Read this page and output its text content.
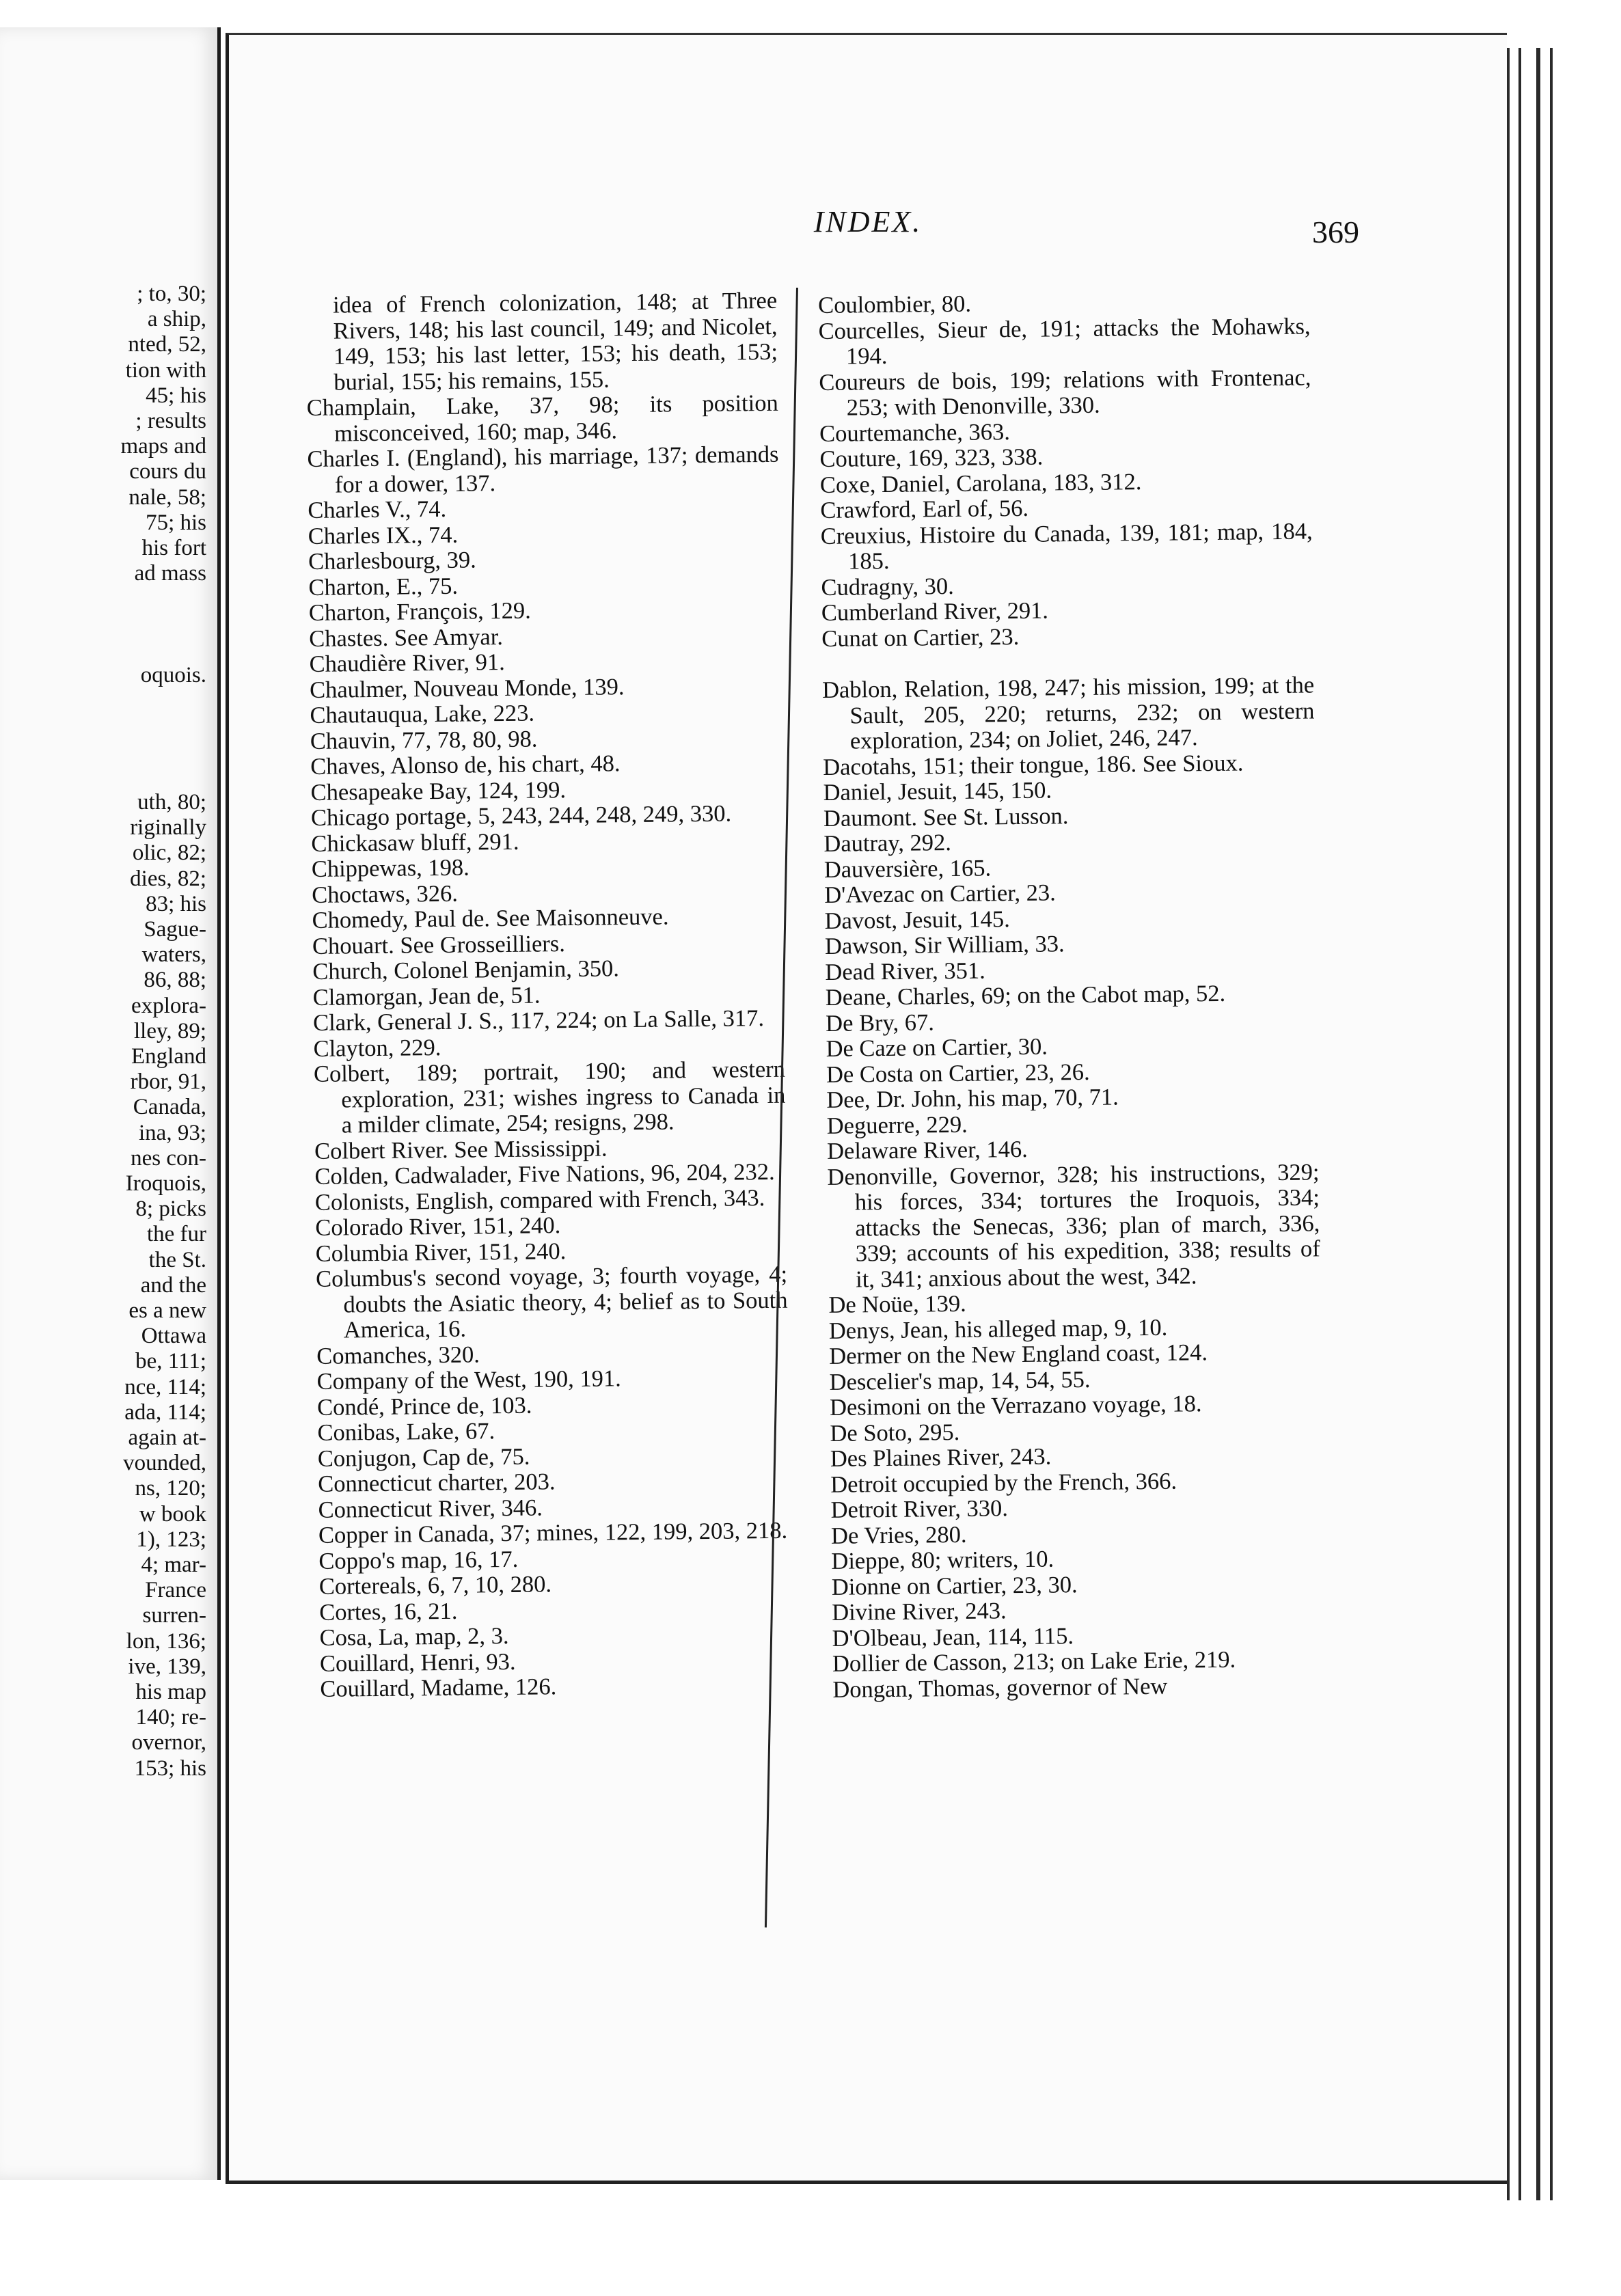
; to, 30;
a ship,
nted, 52,
tion with
45; his
; results
maps and
cours du
nale, 58;
75; his
his fort
ad mass
oquois.
uth, 80;
riginally
olic, 82;
dies, 82;
83; his
Sague-
waters,
86, 88;
explora-
lley, 89;
England
rbor, 91,
Canada,
ina, 93;
nes con-
Iroquois,
8; picks
the fur
the St.
and the
es a new
Ottawa
be, 111;
nce, 114;
ada, 114;
again at-
vounded,
ns, 120;
w book
1), 123;
4; mar-
France
surren-
lon, 136;
ive, 139,
his map
140; re-
overnor,
153; his
INDEX.	369
idea of French colonization, 148; at Three Rivers, 148; his last council, 149; and Nicolet, 149, 153; his last letter, 153; his death, 153; burial, 155; his remains, 155.
Champlain, Lake, 37, 98; its position misconceived, 160; map, 346.
Charles I. (England), his marriage, 137; demands for a dower, 137.
Charles V., 74.
Charles IX., 74.
Charlesbourg, 39.
Charton, E., 75.
Charton, François, 129.
Chastes. See Amyar.
Chaudière River, 91.
Chaulmer, Nouveau Monde, 139.
Chautauqua, Lake, 223.
Chauvin, 77, 78, 80, 98.
Chaves, Alonso de, his chart, 48.
Chesapeake Bay, 124, 199.
Chicago portage, 5, 243, 244, 248, 249, 330.
Chickasaw bluff, 291.
Chippewas, 198.
Choctaws, 326.
Chomedy, Paul de. See Maisonneuve.
Chouart. See Grosseilliers.
Church, Colonel Benjamin, 350.
Clamorgan, Jean de, 51.
Clark, General J. S., 117, 224; on La Salle, 317.
Clayton, 229.
Colbert, 189; portrait, 190; and western exploration, 231; wishes ingress to Canada in a milder climate, 254; resigns, 298.
Colbert River. See Mississippi.
Colden, Cadwalader, Five Nations, 96, 204, 232.
Colonists, English, compared with French, 343.
Colorado River, 151, 240.
Columbia River, 151, 240.
Columbus's second voyage, 3; fourth voyage, 4; doubts the Asiatic theory, 4; belief as to South America, 16.
Comanches, 320.
Company of the West, 190, 191.
Condé, Prince de, 103.
Conibas, Lake, 67.
Conjugon, Cap de, 75.
Connecticut charter, 203.
Connecticut River, 346.
Copper in Canada, 37; mines, 122, 199, 203, 218.
Coppo's map, 16, 17.
Cortereals, 6, 7, 10, 280.
Cortes, 16, 21.
Cosa, La, map, 2, 3.
Couillard, Henri, 93.
Couillard, Madame, 126.
Coulombier, 80.
Courcelles, Sieur de, 191; attacks the Mohawks, 194.
Coureurs de bois, 199; relations with Frontenac, 253; with Denonville, 330.
Courtemanche, 363.
Couture, 169, 323, 338.
Coxe, Daniel, Carolana, 183, 312.
Crawford, Earl of, 56.
Creuxius, Histoire du Canada, 139, 181; map, 184, 185.
Cudragny, 30.
Cumberland River, 291.
Cunat on Cartier, 23.
Dablon, Relation, 198, 247; his mission, 199; at the Sault, 205, 220; returns, 232; on western exploration, 234; on Joliet, 246, 247.
Dacotahs, 151; their tongue, 186. See Sioux.
Daniel, Jesuit, 145, 150.
Daumont. See St. Lusson.
Dautray, 292.
Dauversière, 165.
D'Avezac on Cartier, 23.
Davost, Jesuit, 145.
Dawson, Sir William, 33.
Dead River, 351.
Deane, Charles, 69; on the Cabot map, 52.
De Bry, 67.
De Caze on Cartier, 30.
De Costa on Cartier, 23, 26.
Dee, Dr. John, his map, 70, 71.
Deguerre, 229.
Delaware River, 146.
Denonville, Governor, 328; his instructions, 329; his forces, 334; tortures the Iroquois, 334; attacks the Senecas, 336; plan of march, 336, 339; accounts of his expedition, 338; results of it, 341; anxious about the west, 342.
De Noüe, 139.
Denys, Jean, his alleged map, 9, 10.
Dermer on the New England coast, 124.
Descelier's map, 14, 54, 55.
Desimoni on the Verrazano voyage, 18.
De Soto, 295.
Des Plaines River, 243.
Detroit occupied by the French, 366.
Detroit River, 330.
De Vries, 280.
Dieppe, 80; writers, 10.
Dionne on Cartier, 23, 30.
Divine River, 243.
D'Olbeau, Jean, 114, 115.
Dollier de Casson, 213; on Lake Erie, 219.
Dongan, Thomas, governor of New
